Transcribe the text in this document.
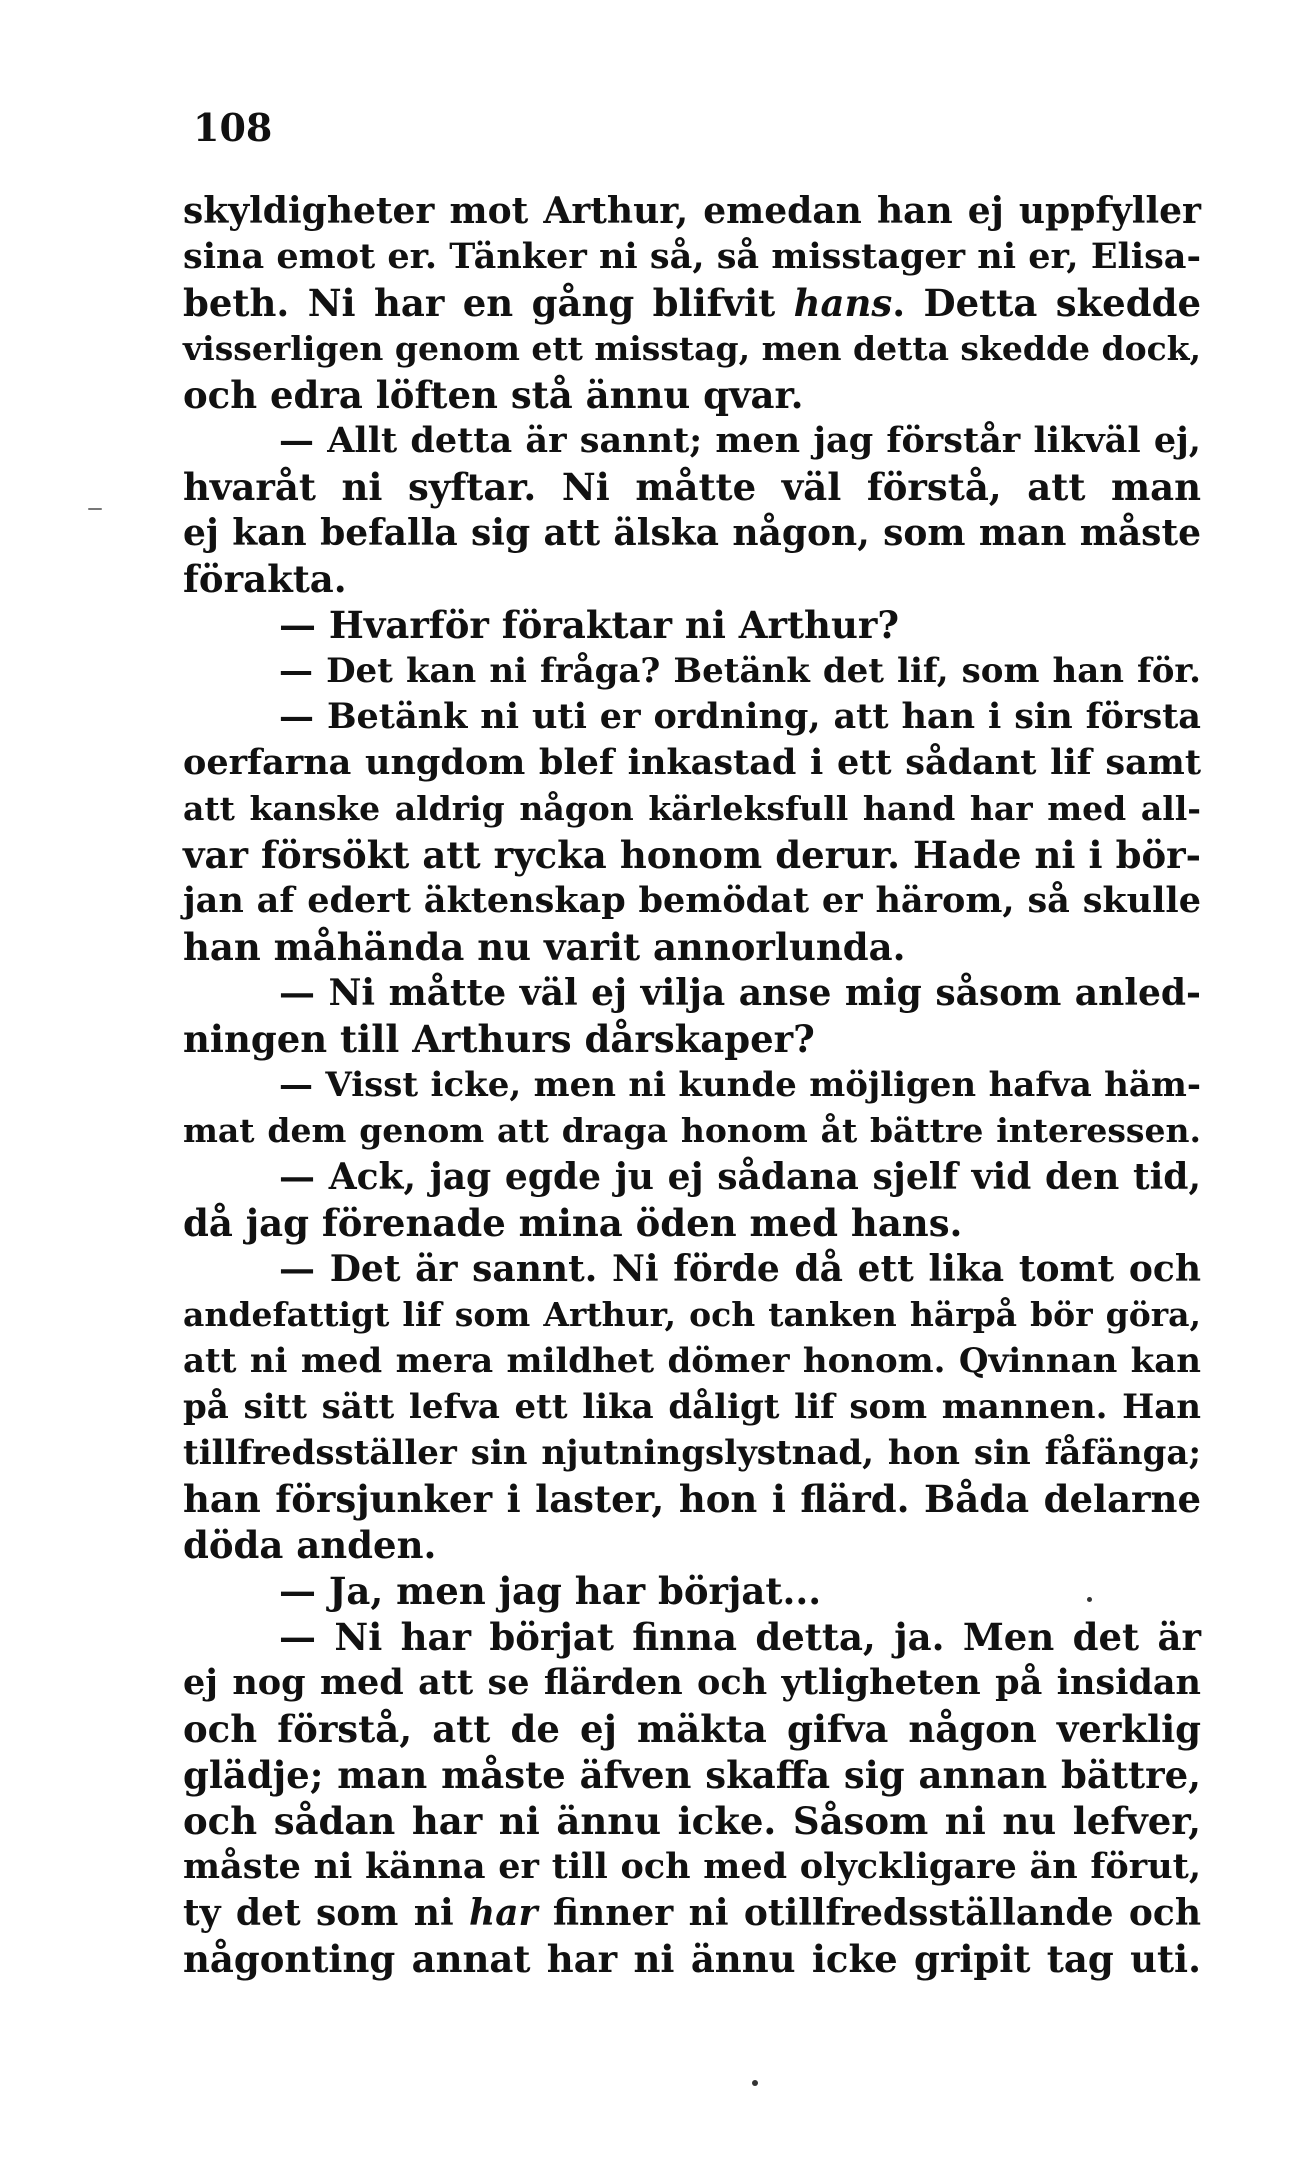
108
skyldigheter mot Arthur, emedan han ej uppfyller
sina emot er. Tänker ni så, så misstager ni er, Elisa-
beth. Ni har en gång blifvit hans. Detta skedde
visserligen genom ett misstag, men detta skedde dock,
och edra löften stå ännu qvar.
— Allt detta är sannt; men jag förstår likväl ej,
hvaråt ni syftar. Ni måtte väl förstå, att man
ej kan befalla sig att älska någon, som man måste
förakta.
— Hvarför föraktar ni Arthur?
— Det kan ni fråga? Betänk det lif, som han för.
— Betänk ni uti er ordning, att han i sin första
oerfarna ungdom blef inkastad i ett sådant lif samt
att kanske aldrig någon kärleksfull hand har med all-
var försökt att rycka honom derur. Hade ni i bör-
jan af edert äktenskap bemödat er härom, så skulle
han måhända nu varit annorlunda.
— Ni måtte väl ej vilja anse mig såsom anled-
ningen till Arthurs dårskaper?
— Visst icke, men ni kunde möjligen hafva häm-
mat dem genom att draga honom åt bättre interessen.
— Ack, jag egde ju ej sådana sjelf vid den tid,
då jag förenade mina öden med hans.
— Det är sannt. Ni förde då ett lika tomt och
andefattigt lif som Arthur, och tanken härpå bör göra,
att ni med mera mildhet dömer honom. Qvinnan kan
på sitt sätt lefva ett lika dåligt lif som mannen. Han
tillfredsställer sin njutningslystnad, hon sin fåfänga;
han försjunker i laster, hon i flärd. Båda delarne
döda anden.
— Ja, men jag har börjat...
— Ni har börjat finna detta, ja. Men det är
ej nog med att se flärden och ytligheten på insidan
och förstå, att de ej mäkta gifva någon verklig
glädje; man måste äfven skaffa sig annan bättre,
och sådan har ni ännu icke. Såsom ni nu lefver,
måste ni känna er till och med olyckligare än förut,
ty det som ni har finner ni otillfredsställande och
någonting annat har ni ännu icke gripit tag uti.
